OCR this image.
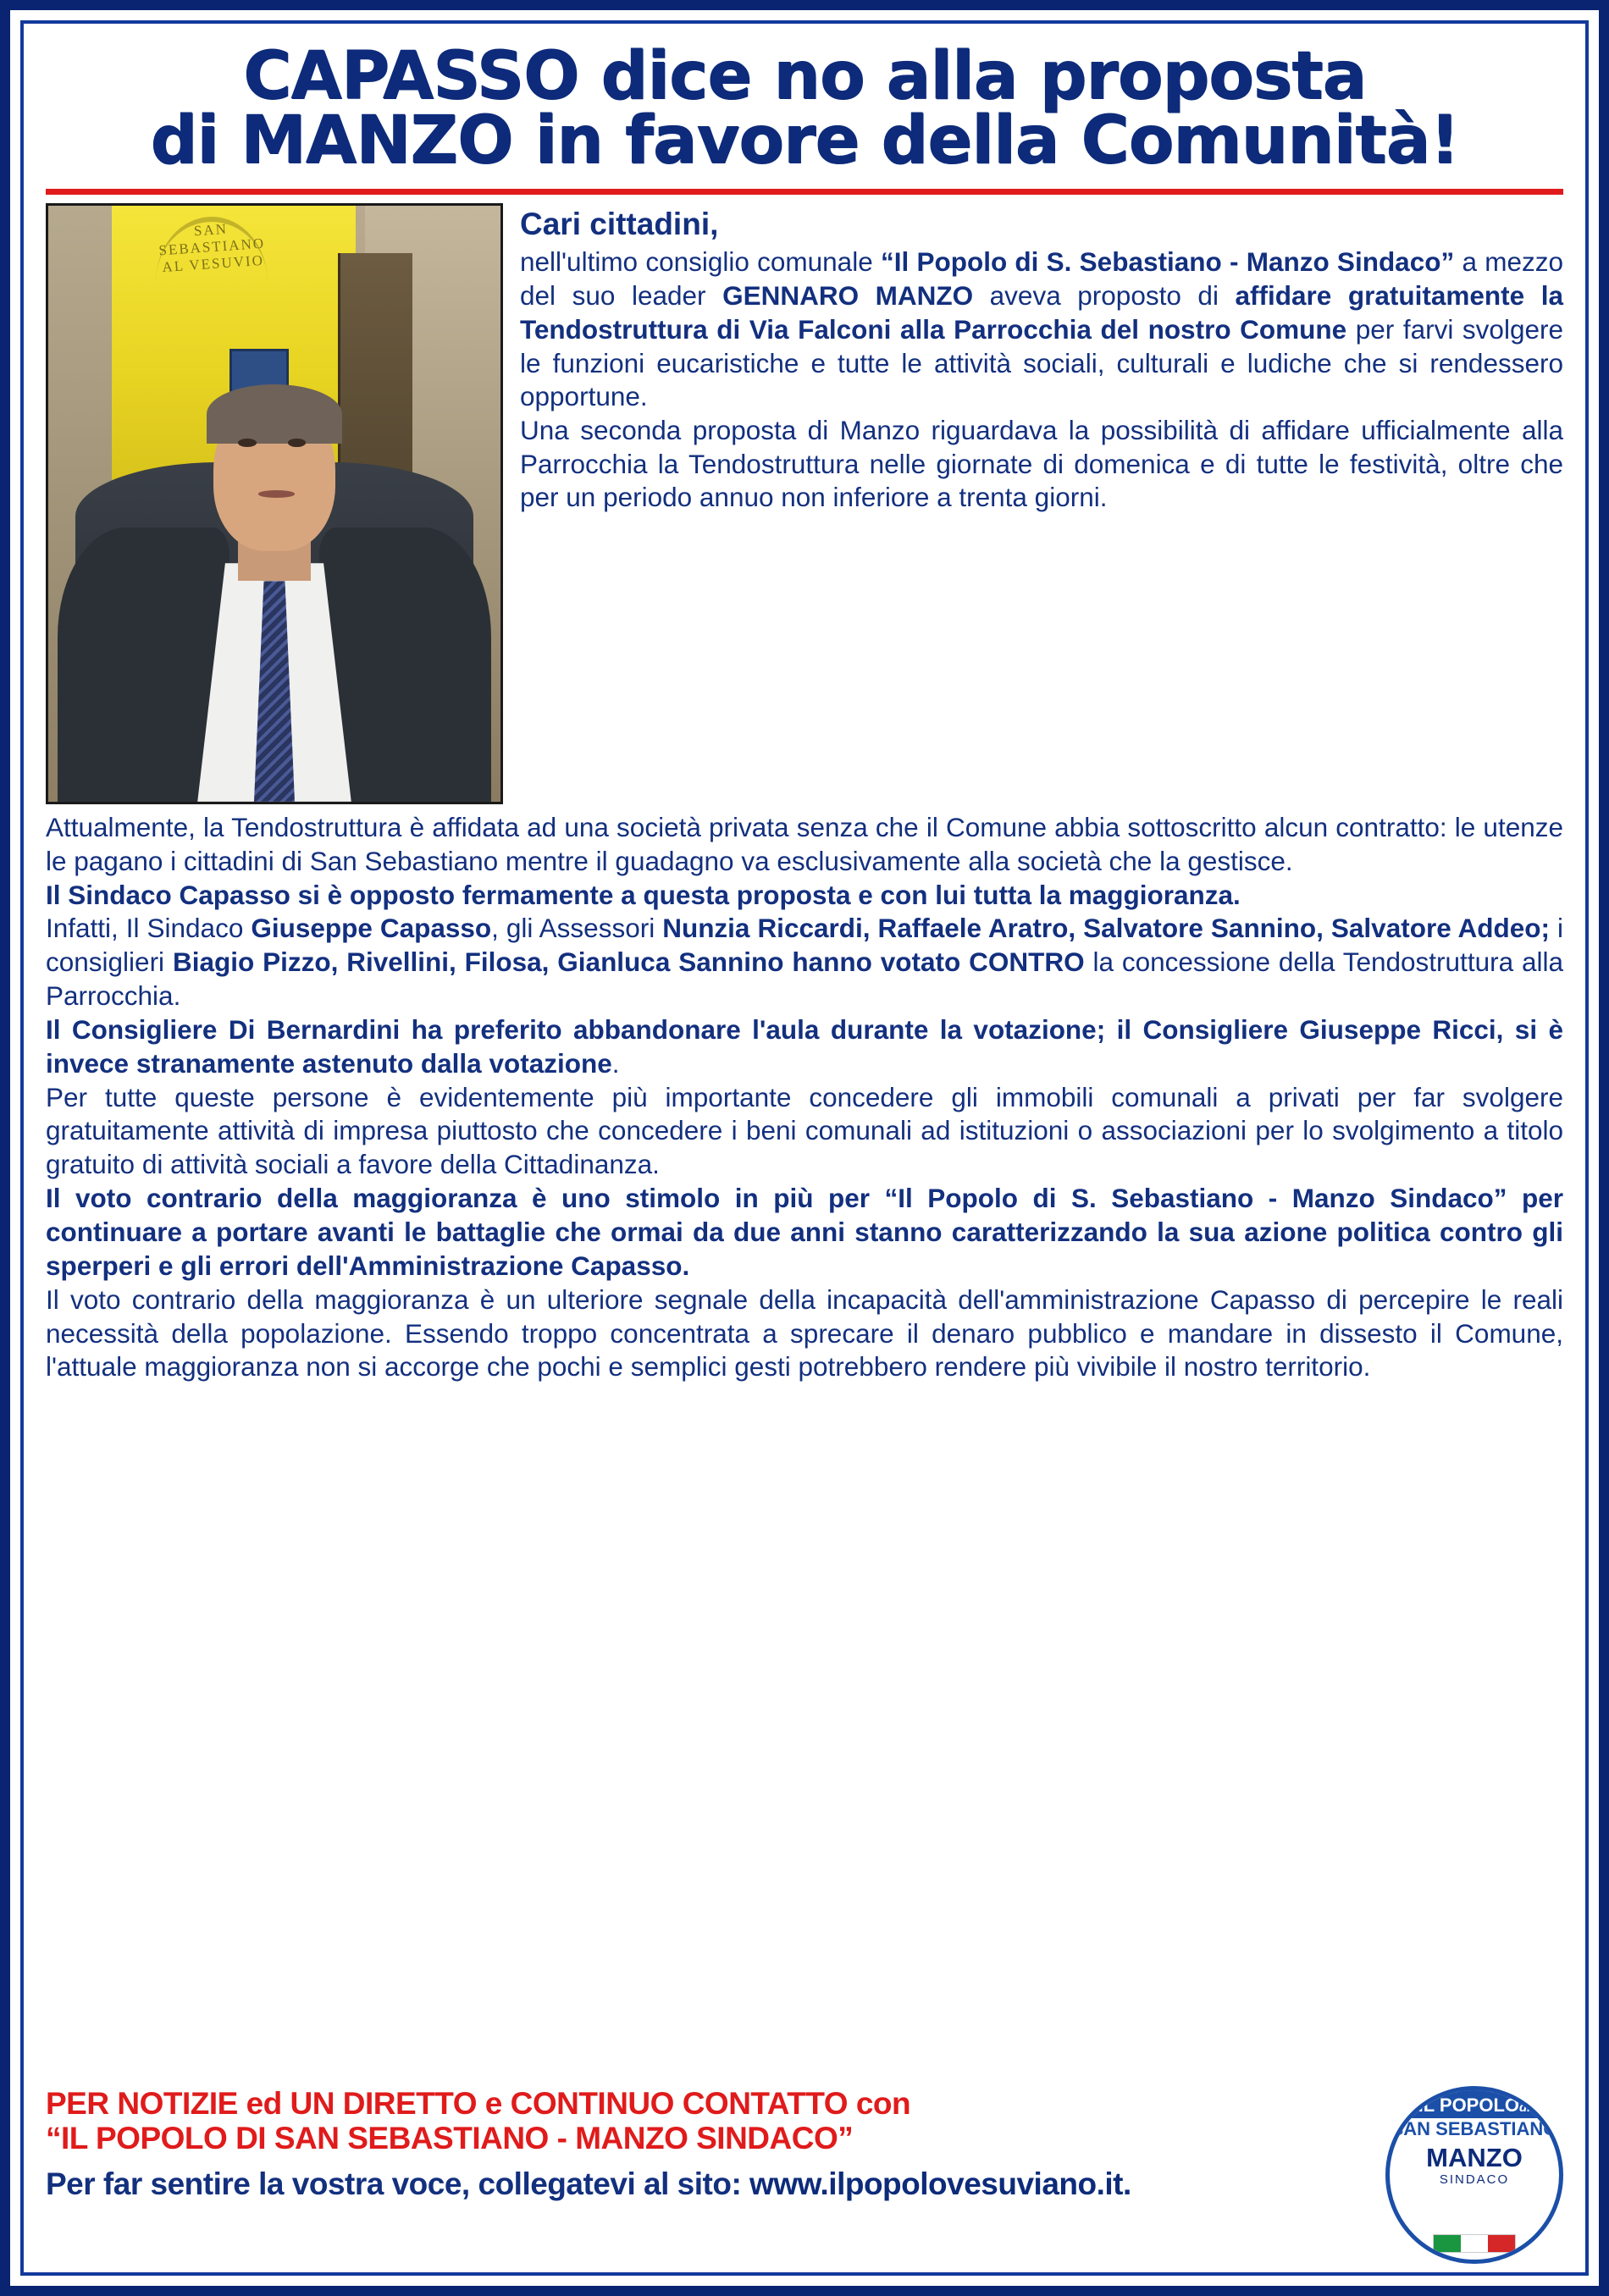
CAPASSO dice no alla proposta
di MANZO in favore della Comunità!
SAN SEBASTIANO AL VESUVIO
Cari cittadini,
nell'ultimo consiglio comunale “Il Popolo di S. Sebastiano - Manzo Sindaco” a mezzo del suo leader GENNARO MANZO aveva proposto di affidare gratuitamente la Tendostruttura di Via Falconi alla Parrocchia del nostro Comune per farvi svolgere le funzioni eucaristiche e tutte le attività sociali, culturali e ludiche che si rendessero opportune.
Una seconda proposta di Manzo riguardava la possibilità di affidare ufficialmente alla Parrocchia la Tendostruttura nelle giornate di domenica e di tutte le festività, oltre che per un periodo annuo non inferiore a trenta giorni.

Attualmente, la Tendostruttura è affidata ad una società privata senza che il Comune abbia sottoscritto alcun contratto: le utenze le pagano i cittadini di San Sebastiano mentre il guadagno va esclusivamente alla società che la gestisce.

Il Sindaco Capasso si è opposto fermamente a questa proposta e con lui tutta la maggioranza.

Infatti, Il Sindaco Giuseppe Capasso, gli Assessori Nunzia Riccardi, Raffaele Aratro, Salvatore Sannino, Salvatore Addeo; i consiglieri Biagio Pizzo, Rivellini, Filosa, Gianluca Sannino hanno votato CONTRO la concessione della Tendostruttura alla Parrocchia.

Il Consigliere Di Bernardini ha preferito abbandonare l'aula durante la votazione; il Consigliere Giuseppe Ricci, si è invece stranamente astenuto dalla votazione.

Per tutte queste persone è evidentemente più importante concedere gli immobili comunali a privati per far svolgere gratuitamente attività di impresa piuttosto che concedere i beni comunali ad istituzioni o associazioni per lo svolgimento a titolo gratuito di attività sociali a favore della Cittadinanza.

Il voto contrario della maggioranza è uno stimolo in più per “Il Popolo di S. Sebastiano - Manzo Sindaco” per continuare a portare avanti le battaglie che ormai da due anni stanno caratterizzando la sua azione politica contro gli sperperi e gli errori dell'Amministrazione Capasso.

Il voto contrario della maggioranza è un ulteriore segnale della incapacità dell'amministrazione Capasso di percepire le reali necessità della popolazione. Essendo troppo concentrata a sprecare il denaro pubblico e mandare in dissesto il Comune, l'attuale maggioranza non si accorge che pochi e semplici gesti potrebbero rendere più vivibile il nostro territorio.

PER NOTIZIE ed UN DIRETTO e CONTINUO CONTATTO con
“IL POPOLO DI SAN SEBASTIANO - MANZO SINDACO”
Per far sentire la vostra voce, collegatevi al sito: www.ilpopolovesuviano.it.
IL POPOLOdi
SAN SEBASTIANO
MANZO
SINDACO
